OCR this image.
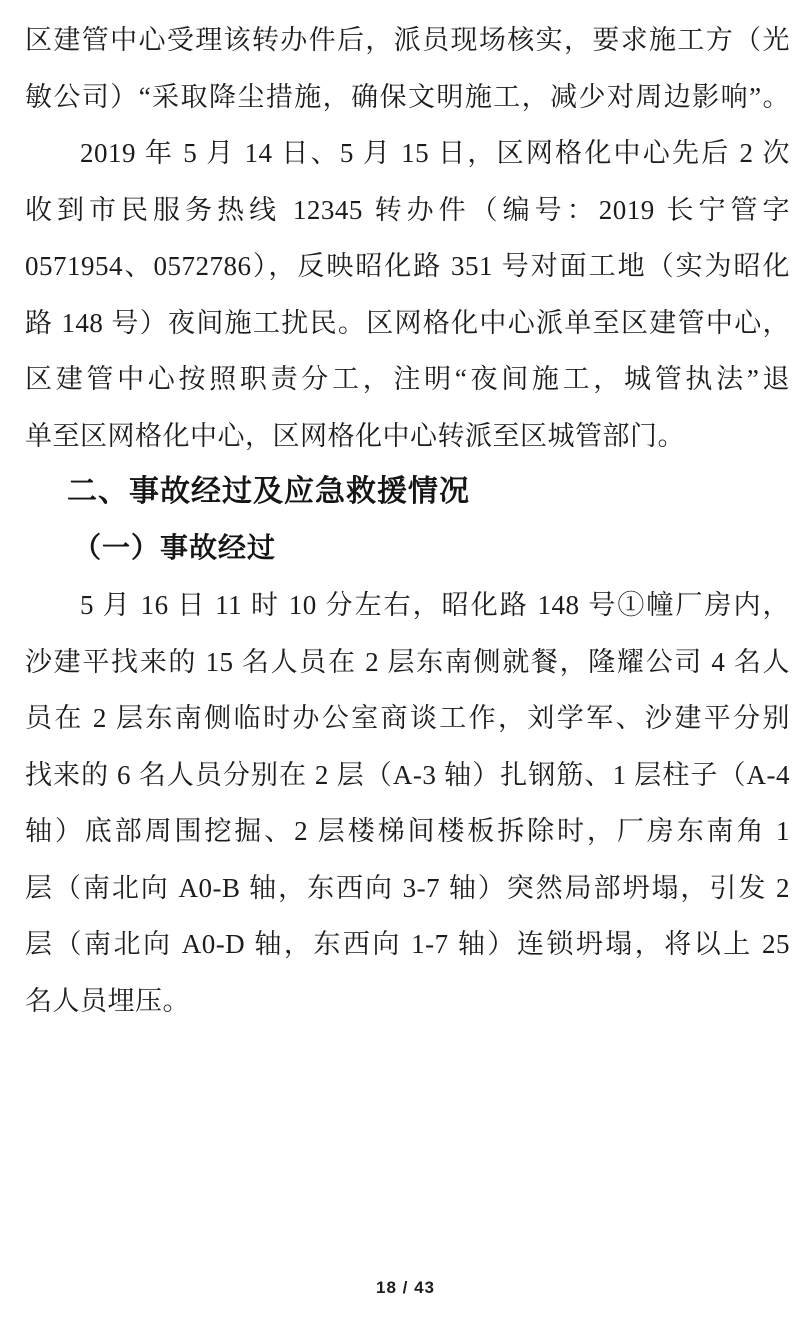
区建管中心受理该转办件后，派员现场核实，要求施工方（光
敏公司）“采取降尘措施，确保文明施工，减少对周边影响”。
2019 年 5 月 14 日、5 月 15 日，区网格化中心先后 2 次
收到市民服务热线 12345 转办件（编号：2019 长宁管字
0571954、0572786），反映昭化路 351 号对面工地（实为昭化
路 148 号）夜间施工扰民。区网格化中心派单至区建管中心，
区建管中心按照职责分工，注明“夜间施工，城管执法”退
单至区网格化中心，区网格化中心转派至区城管部门。
二、事故经过及应急救援情况
（一）事故经过
5 月 16 日 11 时 10 分左右，昭化路 148 号①幢厂房内，
沙建平找来的 15 名人员在 2 层东南侧就餐，隆耀公司 4 名人
员在 2 层东南侧临时办公室商谈工作，刘学军、沙建平分别
找来的 6 名人员分别在 2 层（A-3 轴）扎钢筋、1 层柱子（A-4
轴）底部周围挖掘、2 层楼梯间楼板拆除时，厂房东南角 1
层（南北向 A0-B 轴，东西向 3-7 轴）突然局部坍塌，引发 2
层（南北向 A0-D 轴，东西向 1-7 轴）连锁坍塌，将以上 25
名人员埋压。
18 / 43
